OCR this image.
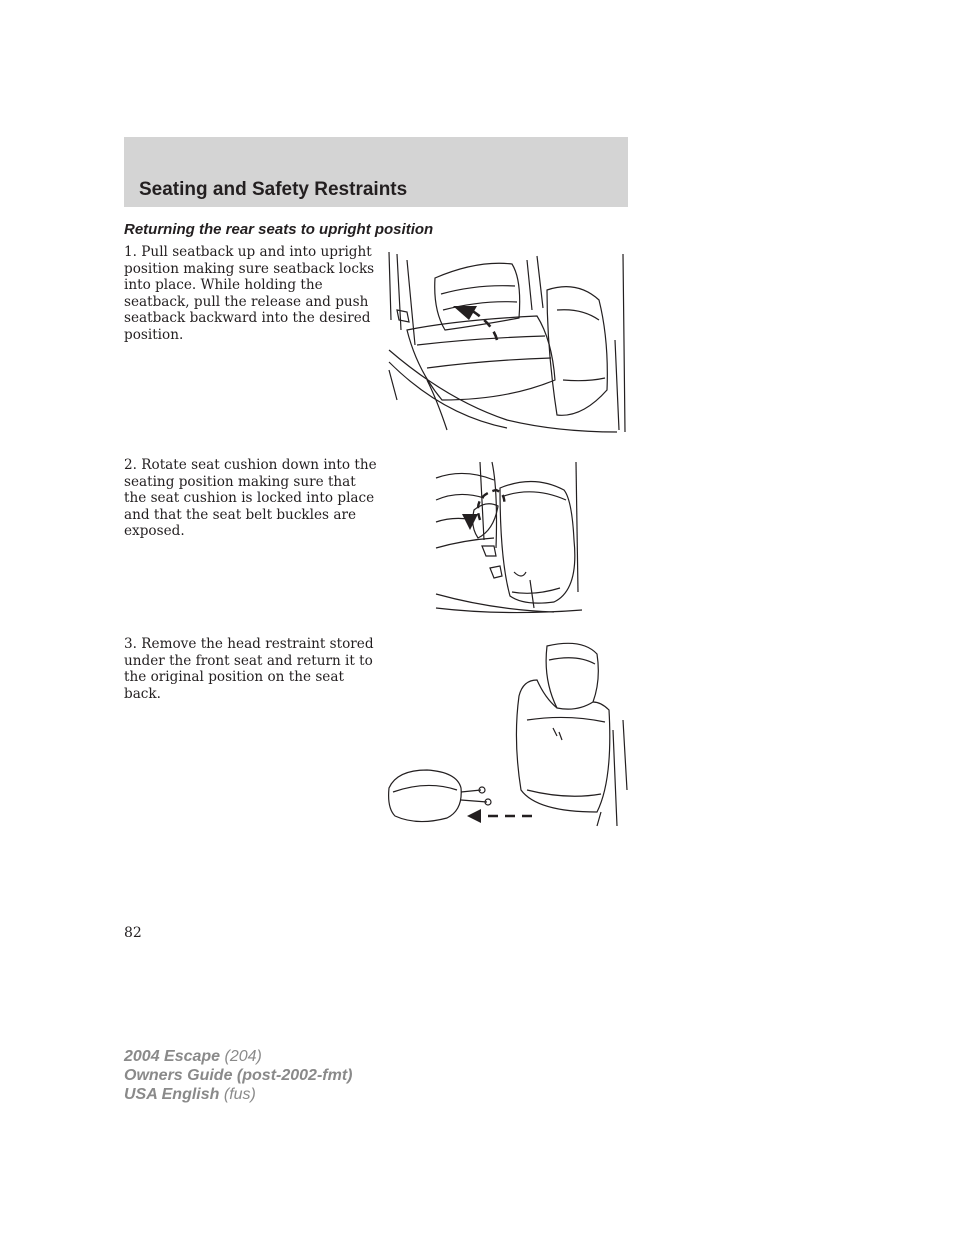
Seating and Safety Restraints
Returning the rear seats to upright position

1. Pull seatback up and into upright
position making sure seatback locks
into place. While holding the
seatback, pull the release and push
seatback backward into the desired
position.

2. Rotate seat cushion down into the
seating position making sure that
the seat cushion is locked into place
and that the seat belt buckles are
exposed.

3. Remove the head restraint stored
under the front seat and return it to
the original position on the seat
back.

82
2004 Escape (204)
Owners Guide (post-2002-fmt)
USA English (fus)
